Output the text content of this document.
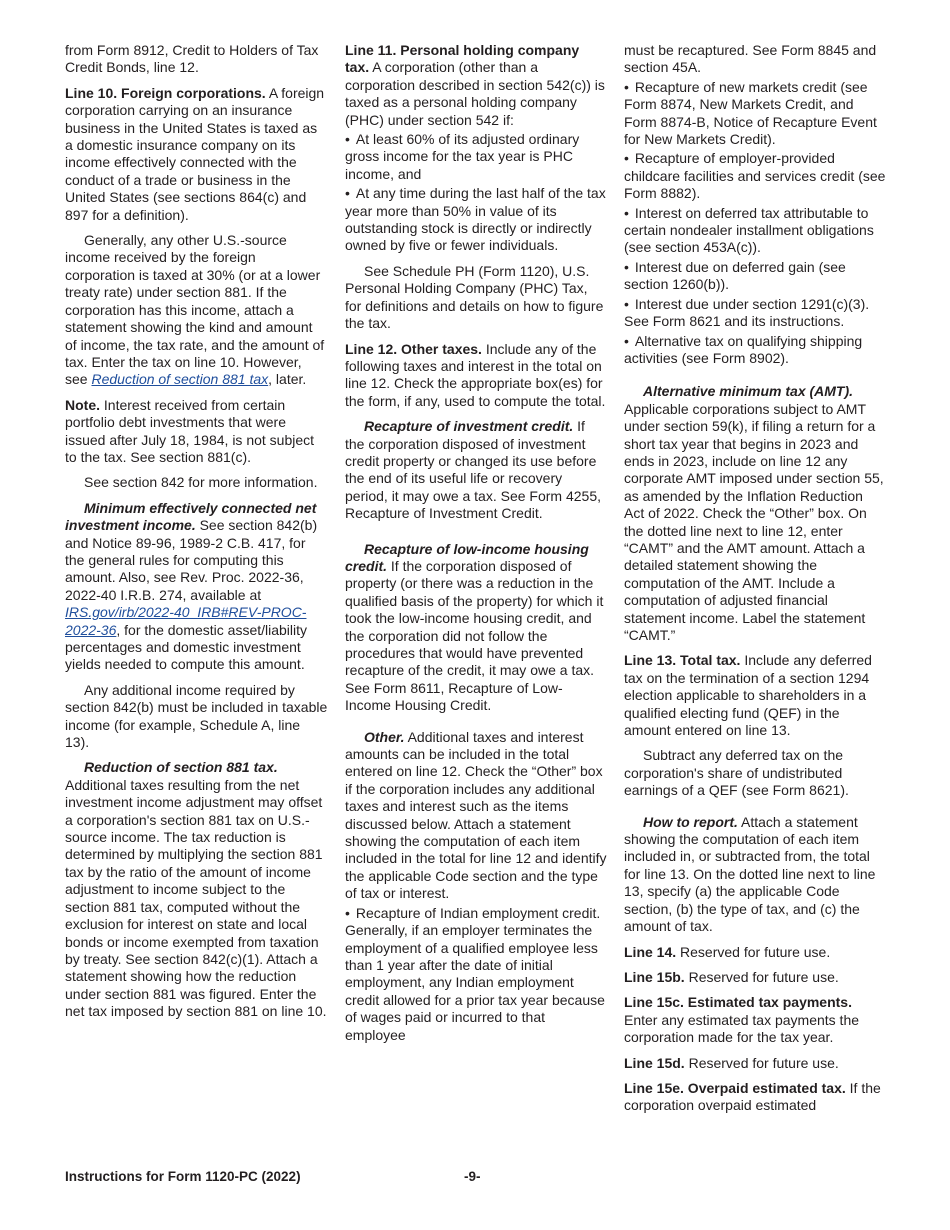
from Form 8912, Credit to Holders of Tax Credit Bonds, line 12.

Line 10. Foreign corporations. A foreign corporation carrying on an insurance business in the United States is taxed as a domestic insurance company on its income effectively connected with the conduct of a trade or business in the United States (see sections 864(c) and 897 for a definition).

Generally, any other U.S.-source income received by the foreign corporation is taxed at 30% (or at a lower treaty rate) under section 881. If the corporation has this income, attach a statement showing the kind and amount of income, the tax rate, and the amount of tax. Enter the tax on line 10. However, see Reduction of section 881 tax, later.

Note. Interest received from certain portfolio debt investments that were issued after July 18, 1984, is not subject to the tax. See section 881(c).

See section 842 for more information.

Minimum effectively connected net investment income. See section 842(b) and Notice 89-96, 1989-2 C.B. 417, for the general rules for computing this amount. Also, see Rev. Proc. 2022-36, 2022-40 I.R.B. 274, available at IRS.gov/irb/2022-40_IRB#REV-PROC-2022-36, for the domestic asset/liability percentages and domestic investment yields needed to compute this amount.

Any additional income required by section 842(b) must be included in taxable income (for example, Schedule A, line 13).

Reduction of section 881 tax. Additional taxes resulting from the net investment income adjustment may offset a corporation's section 881 tax on U.S.-source income. The tax reduction is determined by multiplying the section 881 tax by the ratio of the amount of income adjustment to income subject to the section 881 tax, computed without the exclusion for interest on state and local bonds or income exempted from taxation by treaty. See section 842(c)(1). Attach a statement showing how the reduction under section 881 was figured. Enter the net tax imposed by section 881 on line 10.

Line 11. Personal holding company tax. A corporation (other than a corporation described in section 542(c)) is taxed as a personal holding company (PHC) under section 542 if:

• At least 60% of its adjusted ordinary gross income for the tax year is PHC income, and

• At any time during the last half of the tax year more than 50% in value of its outstanding stock is directly or indirectly owned by five or fewer individuals.

See Schedule PH (Form 1120), U.S. Personal Holding Company (PHC) Tax, for definitions and details on how to figure the tax.

Line 12. Other taxes. Include any of the following taxes and interest in the total on line 12. Check the appropriate box(es) for the form, if any, used to compute the total.

Recapture of investment credit. If the corporation disposed of investment credit property or changed its use before the end of its useful life or recovery period, it may owe a tax. See Form 4255, Recapture of Investment Credit.

Recapture of low-income housing credit. If the corporation disposed of property (or there was a reduction in the qualified basis of the property) for which it took the low-income housing credit, and the corporation did not follow the procedures that would have prevented recapture of the credit, it may owe a tax. See Form 8611, Recapture of Low-Income Housing Credit.

Other. Additional taxes and interest amounts can be included in the total entered on line 12. Check the “Other” box if the corporation includes any additional taxes and interest such as the items discussed below. Attach a statement showing the computation of each item included in the total for line 12 and identify the applicable Code section and the type of tax or interest.

• Recapture of Indian employment credit. Generally, if an employer terminates the employment of a qualified employee less than 1 year after the date of initial employment, any Indian employment credit allowed for a prior tax year because of wages paid or incurred to that employee

must be recaptured. See Form 8845 and section 45A.

• Recapture of new markets credit (see Form 8874, New Markets Credit, and Form 8874-B, Notice of Recapture Event for New Markets Credit).

• Recapture of employer-provided childcare facilities and services credit (see Form 8882).

• Interest on deferred tax attributable to certain nondealer installment obligations (see section 453A(c)).

• Interest due on deferred gain (see section 1260(b)).

• Interest due under section 1291(c)(3). See Form 8621 and its instructions.

• Alternative tax on qualifying shipping activities (see Form 8902).

Alternative minimum tax (AMT). Applicable corporations subject to AMT under section 59(k), if filing a return for a short tax year that begins in 2023 and ends in 2023, include on line 12 any corporate AMT imposed under section 55, as amended by the Inflation Reduction Act of 2022. Check the “Other” box. On the dotted line next to line 12, enter “CAMT” and the AMT amount. Attach a detailed statement showing the computation of the AMT. Include a computation of adjusted financial statement income. Label the statement “CAMT.”

Line 13. Total tax. Include any deferred tax on the termination of a section 1294 election applicable to shareholders in a qualified electing fund (QEF) in the amount entered on line 13.

Subtract any deferred tax on the corporation's share of undistributed earnings of a QEF (see Form 8621).

How to report. Attach a statement showing the computation of each item included in, or subtracted from, the total for line 13. On the dotted line next to line 13, specify (a) the applicable Code section, (b) the type of tax, and (c) the amount of tax.

Line 14. Reserved for future use.

Line 15b. Reserved for future use.

Line 15c. Estimated tax payments. Enter any estimated tax payments the corporation made for the tax year.

Line 15d. Reserved for future use.

Line 15e. Overpaid estimated tax. If the corporation overpaid estimated

Instructions for Form 1120-PC (2022)	-9-
